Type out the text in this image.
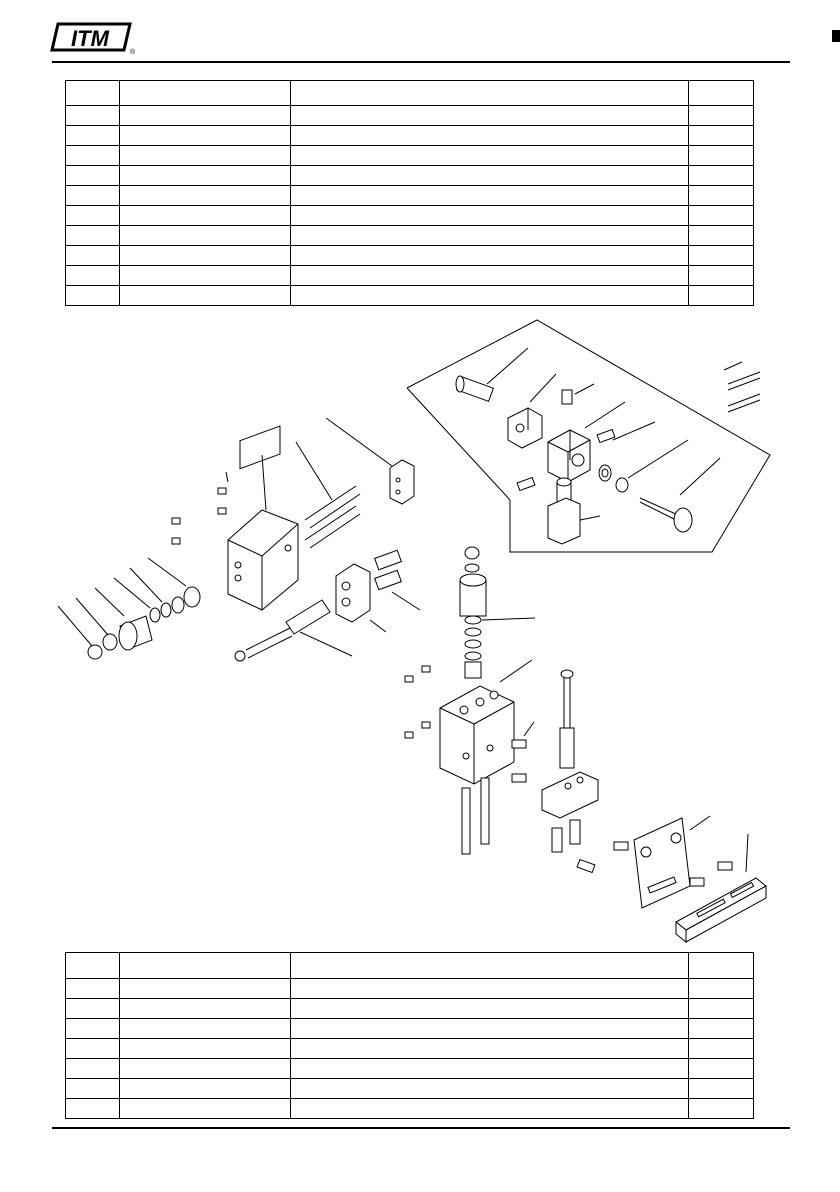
ITM
®
